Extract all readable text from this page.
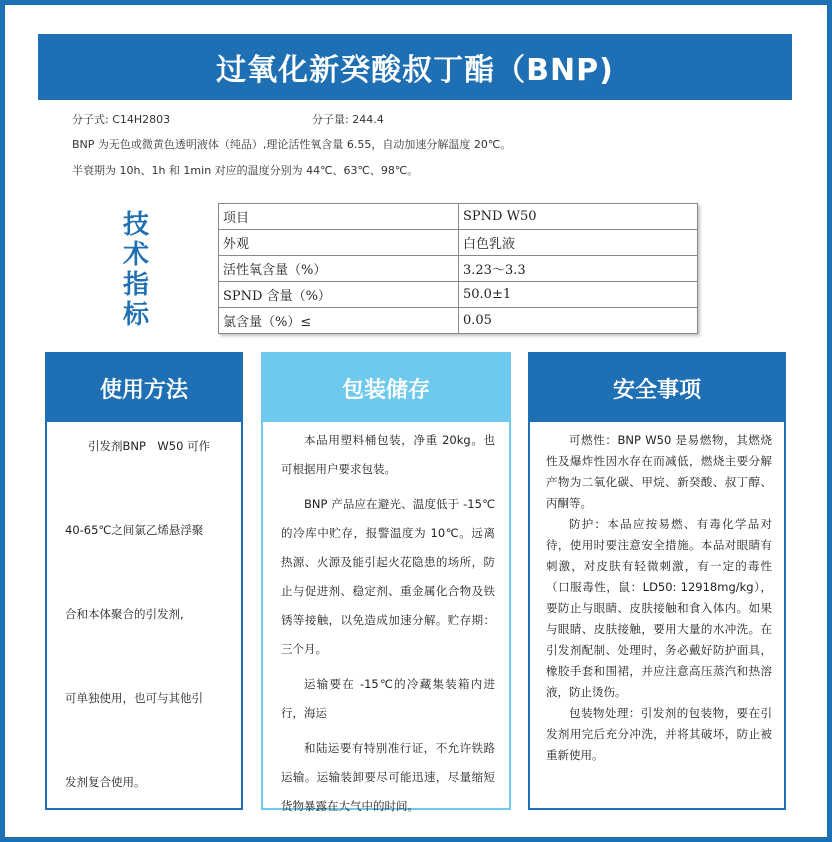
过氧化新癸酸叔丁酯（BNP)
分子式: C14H2803	分子量: 244.4
BNP 为无色或微黄色透明液体（纯品）,理论活性氧含量 6.55，自动加速分解温度 20℃。
半衰期为 10h、1h 和 1min 对应的温度分别为 44℃、63℃、98℃。
技
术
指
标
项目	SPND W50
外观	白色乳液
活性氧含量（%）	3.23～3.3
SPND 含量（%）	50.0±1
氯含量（%）≤	0.05
使用方法

引发剂BNP　W50 可作

40-65℃之间氯乙烯悬浮聚

合和本体聚合的引发剂,

可单独使用，也可与其他引

发剂复合使用。

包装储存

本品用塑料桶包装，净重 20kg。也可根据用户要求包装。

BNP 产品应在避光、温度低于 -15℃的冷库中贮存，报警温度为 10℃。远离热源、火源及能引起火花隐患的场所，防止与促进剂、稳定剂、重金属化合物及铁锈等接触，以免造成加速分解。贮存期：三个月。

运输要在 -15℃的冷藏集装箱内进行，海运

和陆运要有特别准行证，不允许铁路运输。运输装卸要尽可能迅速，尽量缩短货物暴露在大气中的时间。

安全事项

可燃性：BNP W50 是易燃物，其燃烧性及爆炸性因水存在而减低，燃烧主要分解产物为二氧化碳、甲烷、新癸酸、叔丁醇、丙酮等。

防护：本品应按易燃、有毒化学品对待，使用时要注意安全措施。本品对眼睛有刺激，对皮肤有轻微刺激，有一定的毒性（口服毒性，鼠：LD50: 12918mg/kg），要防止与眼睛、皮肤接触和食入体内。如果与眼睛、皮肤接触，要用大量的水冲洗。在引发剂配制、处理时，务必戴好防护面具，橡胶手套和围裙，并应注意高压蒸汽和热溶液，防止烫伤。

包装物处理：引发剂的包装物，要在引发剂用完后充分冲洗，并将其破坏，防止被重新使用。
